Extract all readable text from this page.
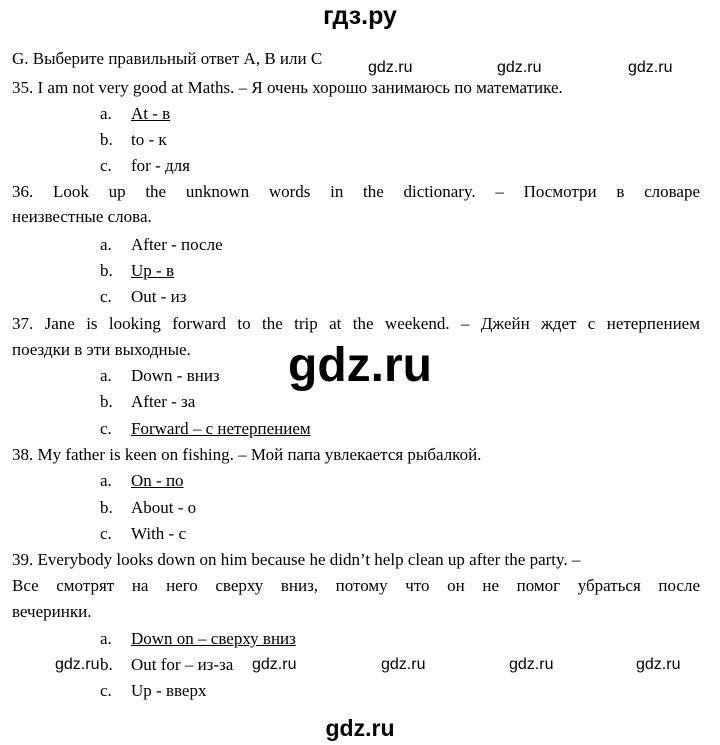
гдз.ру
G. Выберите правильный ответ A, B или C	gdz.ru	gdz.ru	gdz.ru
35. I am not very good at Maths. – Я очень хорошо занимаюсь по математике.
a. At - в
b. to - к
c. for - для
36. Look up the unknown words in the dictionary. – Посмотри в словаре
неизвестные слова.
a. After - после
b. Up - в
c. Out - из
37. Jane is looking forward to the trip at the weekend. – Джейн ждет с нетерпением
поездки в эти выходные.
a. Down - вниз
b. After - за
c. Forward – с нетерпением
gdz.ru
38. My father is keen on fishing. – Мой папа увлекается рыбалкой.
a. On - по
b. About - о
c. With - с
39. Everybody looks down on him because he didn’t help clean up after the party. –
Все смотрят на него сверху вниз, потому что он не помог убраться после
вечеринки.
a. Down on – сверху вниз
b. Out for – из-за
c. Up - вверх
gdz.ru	gdz.ru	gdz.ru	gdz.ru	gdz.ru
gdz.ru
